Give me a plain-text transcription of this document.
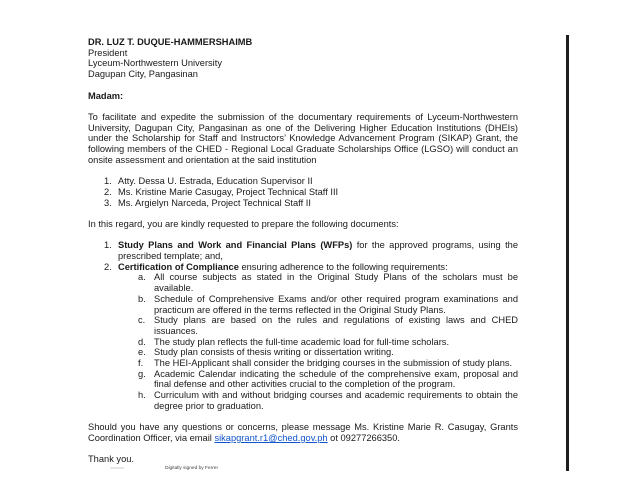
DR. LUZ T. DUQUE-HAMMERSHAIMB
President
Lyceum-Northwestern University
Dagupan City, Pangasinan
Madam:
To facilitate and expedite the submission of the documentary requirements of Lyceum-Northwestern University, Dagupan City, Pangasinan as one of the Delivering Higher Education Institutions (DHEIs) under the Scholarship for Staff and Instructors’ Knowledge Advancement Program (SIKAP) Grant, the following members of the CHED - Regional Local Graduate Scholarships Office (LGSO) will conduct an onsite assessment and orientation at the said institution
1. Atty. Dessa U. Estrada, Education Supervisor II
2. Ms. Kristine Marie Casugay, Project Technical Staff III
3. Ms. Argielyn Narceda, Project Technical Staff II
In this regard, you are kindly requested to prepare the following documents:
1. Study Plans and Work and Financial Plans (WFPs) for the approved programs, using the prescribed template; and,
2. Certification of Compliance ensuring adherence to the following requirements:
a. All course subjects as stated in the Original Study Plans of the scholars must be available.
b. Schedule of Comprehensive Exams and/or other required program examinations and practicum are offered in the terms reflected in the Original Study Plans.
c. Study plans are based on the rules and regulations of existing laws and CHED issuances.
d. The study plan reflects the full-time academic load for full-time scholars.
e. Study plan consists of thesis writing or dissertation writing.
f. The HEI-Applicant shall consider the bridging courses in the submission of study plans.
g. Academic Calendar indicating the schedule of the comprehensive exam, proposal and final defense and other activities crucial to the completion of the program.
h. Curriculum with and without bridging courses and academic requirements to obtain the degree prior to graduation.
Should you have any questions or concerns, please message Ms. Kristine Marie R. Casugay, Grants Coordination Officer, via email sikapgrant.r1@ched.gov.ph ot 09277266350.
Thank you.
Digitally signed by Ferrer
